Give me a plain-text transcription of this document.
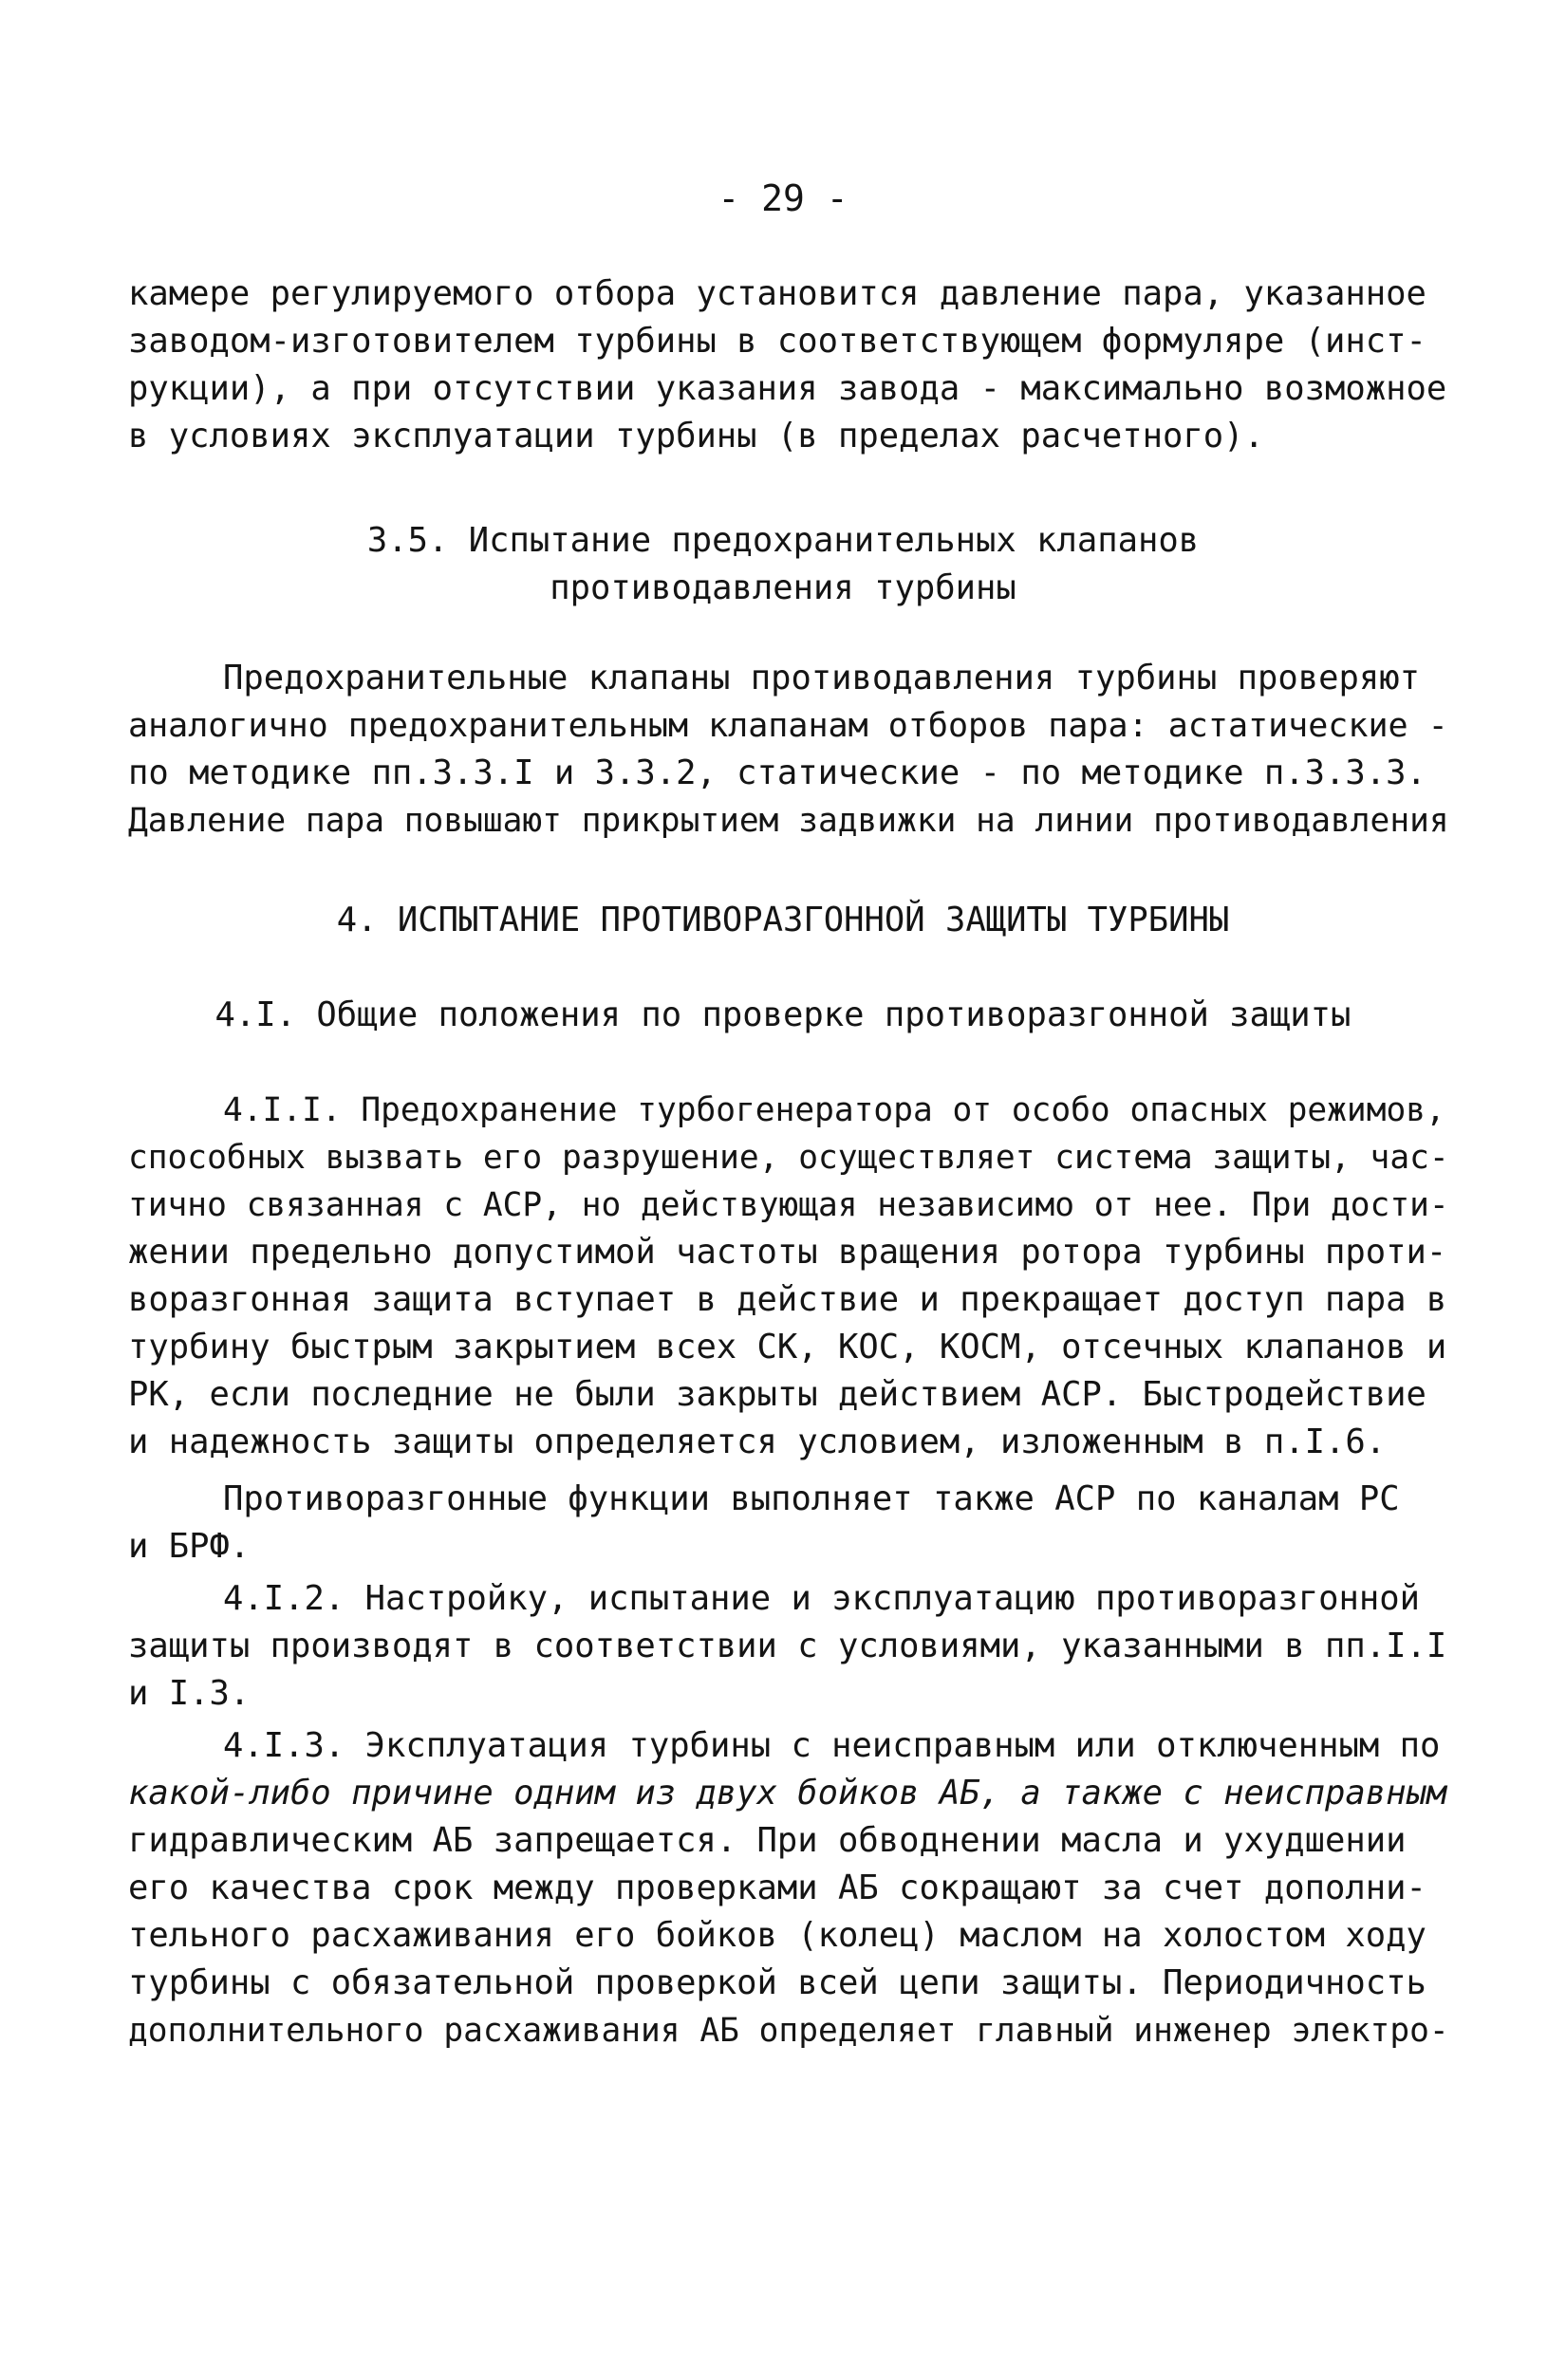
- 29 -
камере регулируемого отбора установится давление пара, указанное
заводом-изготовителем турбины в соответствующем формуляре (инст-
рукции), а при отсутствии указания завода - максимально возможное
в условиях эксплуатации турбины (в пределах расчетного).
3.5. Испытание предохранительных клапанов
противодавления турбины
Предохранительные клапаны противодавления турбины проверяют
аналогично предохранительным клапанам отборов пара: астатические -
по методике пп.3.3.I и 3.3.2, статические - по методике п.3.3.3.
Давление пара повышают прикрытием задвижки на линии противодавления
4. ИСПЫТАНИЕ ПРОТИВОРАЗГОННОЙ ЗАЩИТЫ ТУРБИНЫ
4.I. Общие положения по проверке противоразгонной защиты
4.I.I. Предохранение турбогенератора от особо опасных режимов,
способных вызвать его разрушение, осуществляет система защиты, час-
тично связанная с АСР, но действующая независимо от нее. При дости-
жении предельно допустимой частоты вращения ротора турбины проти-
воразгонная защита вступает в действие и прекращает доступ пара в
турбину быстрым закрытием всех СК, КОС, КОСМ, отсечных клапанов и
РК, если последние не были закрыты действием АСР. Быстродействие
и надежность защиты определяется условием, изложенным в п.I.6.
Противоразгонные функции выполняет также АСР по каналам РС
и БРФ.
4.I.2. Настройку, испытание и эксплуатацию противоразгонной
защиты производят в соответствии с условиями, указанными в пп.I.I
и I.3.
4.I.3. Эксплуатация турбины с неисправным или отключенным по
какой-либо причине одним из двух бойков АБ, а также с неисправным
гидравлическим АБ запрещается. При обводнении масла и ухудшении
его качества срок между проверками АБ сокращают за счет дополни-
тельного расхаживания его бойков (колец) маслом на холостом ходу
турбины с обязательной проверкой всей цепи защиты. Периодичность
дополнительного расхаживания АБ определяет главный инженер электро-
